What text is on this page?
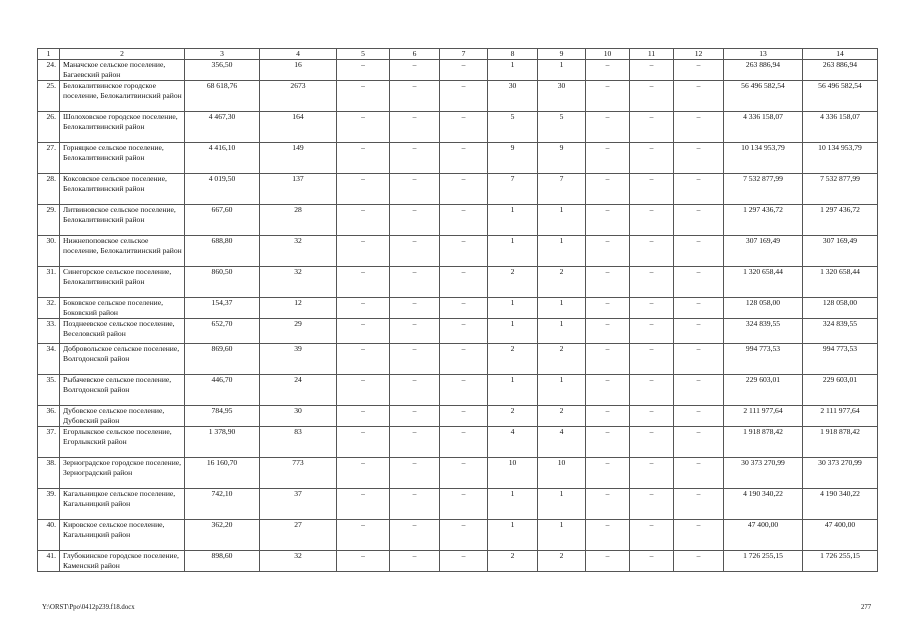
1	2	3	4	5	6	7	8	9	10	11	12	13	14
24.	Маначское сельское поселение, Багаевский район	356,50	16	–	–	–	1	1	–	–	–	263 886,94	263 886,94
25.	Белокалитвинское городское поселение, Белокалитвинский район	68 618,76	2673	–	–	–	30	30	–	–	–	56 496 582,54	56 496 582,54
26.	Шолоховское городское поселение, Белокалитвинский район	4 467,30	164	–	–	–	5	5	–	–	–	4 336 158,07	4 336 158,07
27.	Горняцкое сельское поселение, Белокалитвинский район	4 416,10	149	–	–	–	9	9	–	–	–	10 134 953,79	10 134 953,79
28.	Коксовское сельское поселение, Белокалитвинский район	4 019,50	137	–	–	–	7	7	–	–	–	7 532 877,99	7 532 877,99
29.	Литвиновское сельское поселение, Белокалитвинский район	667,60	28	–	–	–	1	1	–	–	–	1 297 436,72	1 297 436,72
30.	Нижнепоповское сельское поселение, Белокалитвинский район	688,80	32	–	–	–	1	1	–	–	–	307 169,49	307 169,49
31.	Синегорское сельское поселение, Белокалитвинский район	860,50	32	–	–	–	2	2	–	–	–	1 320 658,44	1 320 658,44
32.	Боковское сельское поселение, Боковский район	154,37	12	–	–	–	1	1	–	–	–	128 058,00	128 058,00
33.	Позднеевское сельское поселение, Веселовский район	652,70	29	–	–	–	1	1	–	–	–	324 839,55	324 839,55
34.	Добровольское сельское поселение, Волгодонской район	869,60	39	–	–	–	2	2	–	–	–	994 773,53	994 773,53
35.	Рыбачевское сельское поселение, Волгодонской район	446,70	24	–	–	–	1	1	–	–	–	229 603,01	229 603,01
36.	Дубовское сельское поселение, Дубовский район	784,95	30	–	–	–	2	2	–	–	–	2 111 977,64	2 111 977,64
37.	Егорлыкское сельское поселение, Егорлыкский район	1 378,90	83	–	–	–	4	4	–	–	–	1 918 878,42	1 918 878,42
38.	Зерноградское городское поселение, Зерноградский район	16 160,70	773	–	–	–	10	10	–	–	–	30 373 270,99	30 373 270,99
39.	Кагальницкое сельское поселение, Кагальницкий район	742,10	37	–	–	–	1	1	–	–	–	4 190 340,22	4 190 340,22
40.	Кировское сельское поселение, Кагальницкий район	362,20	27	–	–	–	1	1	–	–	–	47 400,00	47 400,00
41.	Глубокинское городское поселение, Каменский район	898,60	32	–	–	–	2	2	–	–	–	1 726 255,15	1 726 255,15
Y:\ORST\Ppo\0412p239.f18.docx	277
